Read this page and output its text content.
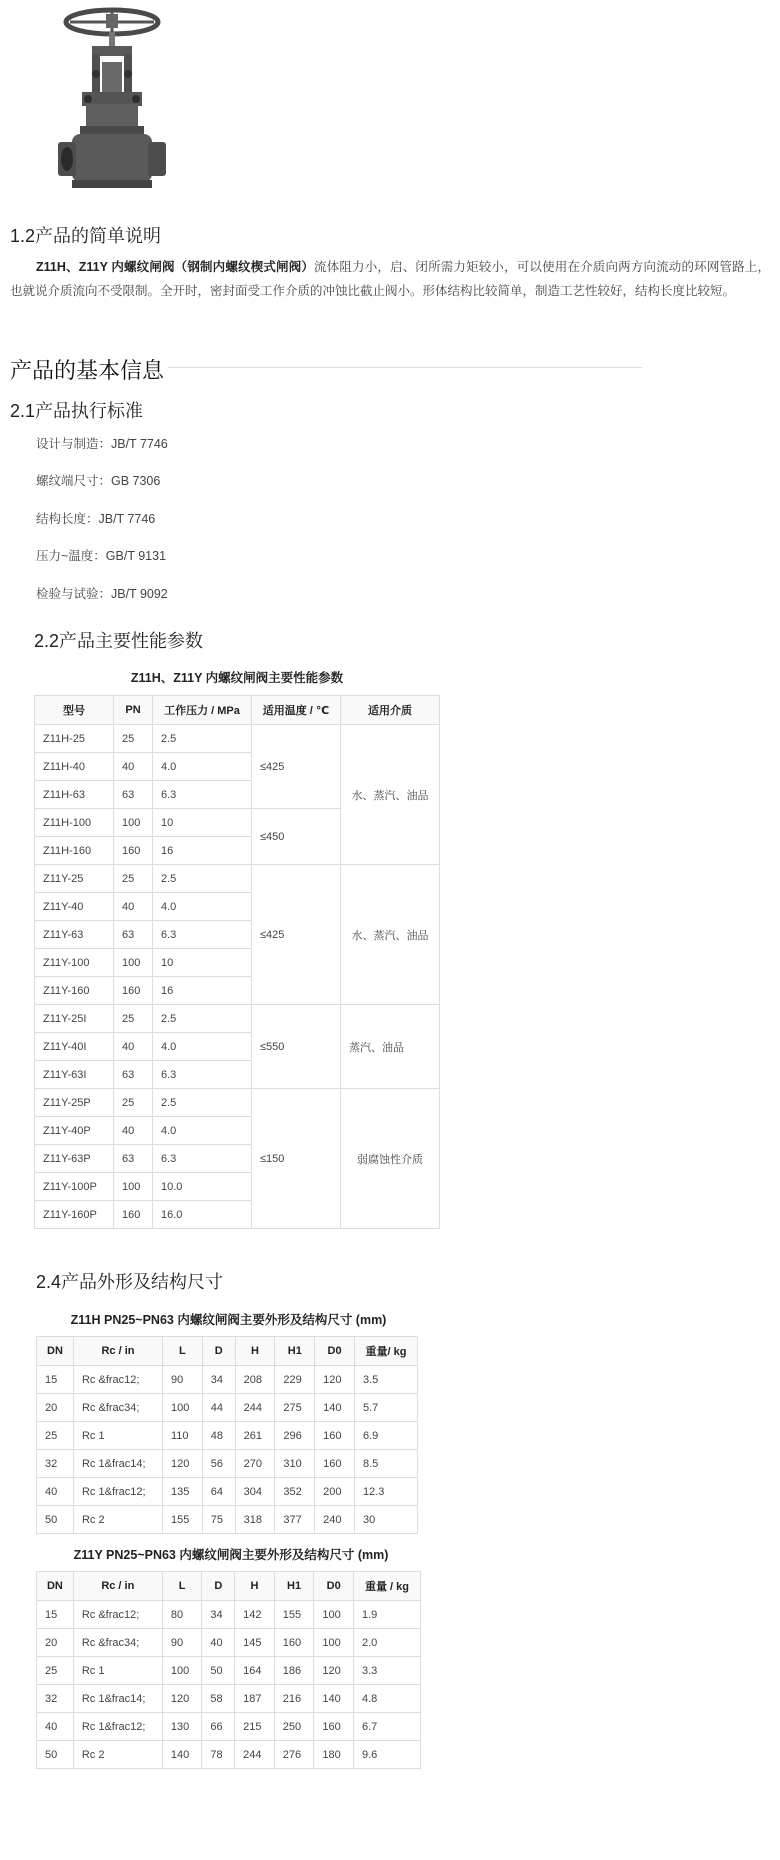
1.2产品的简单说明
Z11H、Z11Y 内螺纹闸阀（钢制内螺纹楔式闸阀）流体阻力小，启、闭所需力矩较小，可以使用在介质向两方向流动的环网管路上，也就说介质流向不受限制。全开时，密封面受工作介质的冲蚀比截止阀小。形体结构比较简单，制造工艺性较好，结构长度比较短。
产品的基本信息
2.1产品执行标准
设计与制造：JB/T 7746
螺纹端尺寸：GB 7306
结构长度：JB/T 7746
压力~温度：GB/T 9131
检验与试验：JB/T 9092
2.2产品主要性能参数
Z11H、Z11Y 内螺纹闸阀主要性能参数
型号	PN	工作压力 / MPa	适用温度 / ℃	适用介质
Z11H-25	25	2.5	≤425	水、蒸汽、油品
Z11H-40	40	4.0		
Z11H-63	63	6.3		
Z11H-100	100	10	≤450	
Z11H-160	160	16		
Z11Y-25	25	2.5	≤425	水、蒸汽、油品
Z11Y-40	40	4.0		
Z11Y-63	63	6.3		
Z11Y-100	100	10		
Z11Y-160	160	16		
Z11Y-25I	25	2.5	≤550	蒸汽、油品
Z11Y-40I	40	4.0		
Z11Y-63I	63	6.3		
Z11Y-25P	25	2.5	≤150	弱腐蚀性介质
Z11Y-40P	40	4.0		
Z11Y-63P	63	6.3		
Z11Y-100P	100	10.0		
Z11Y-160P	160	16.0		
2.4产品外形及结构尺寸
Z11H PN25~PN63 内螺纹闸阀主要外形及结构尺寸 (mm)
DN	Rc / in	L	D	H	H1	D0	重量/ kg
15	Rc &frac12;	90	34	208	229	120	3.5
20	Rc &frac34;	100	44	244	275	140	5.7
25	Rc 1	110	48	261	296	160	6.9
32	Rc 1&frac14;	120	56	270	310	160	8.5
40	Rc 1&frac12;	135	64	304	352	200	12.3
50	Rc 2	155	75	318	377	240	30
Z11Y PN25~PN63 内螺纹闸阀主要外形及结构尺寸 (mm)
DN	Rc / in	L	D	H	H1	D0	重量 / kg
15	Rc &frac12;	80	34	142	155	100	1.9
20	Rc &frac34;	90	40	145	160	100	2.0
25	Rc 1	100	50	164	186	120	3.3
32	Rc 1&frac14;	120	58	187	216	140	4.8
40	Rc 1&frac12;	130	66	215	250	160	6.7
50	Rc 2	140	78	244	276	180	9.6
